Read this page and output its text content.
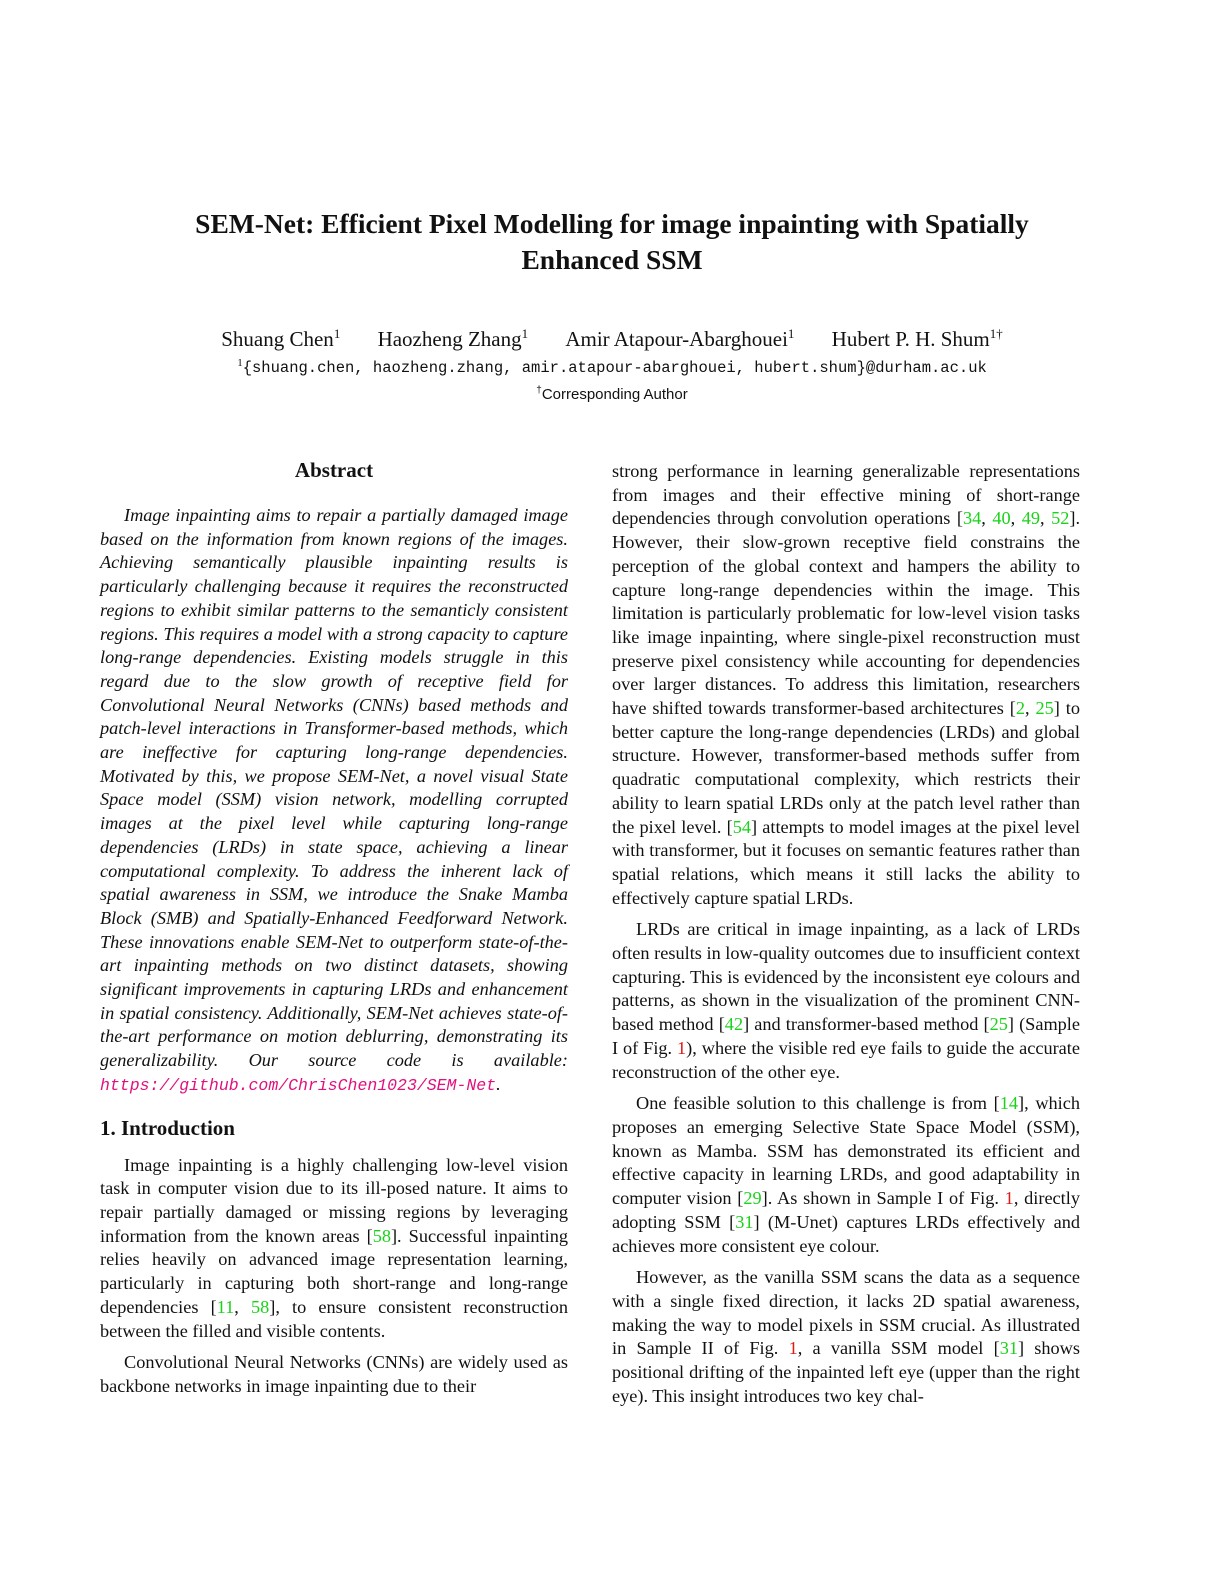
SEM-Net: Efficient Pixel Modelling for image inpainting with Spatially
Enhanced SSM
Shuang Chen$^1$ Haozheng Zhang$^1$ Amir Atapour-Abarghouei$^1$ Hubert P. H. Shum$^{1\dagger}$
$^1${shuang.chen, haozheng.zhang, amir.atapour-abarghouei, hubert.shum}@durham.ac.uk
†Corresponding Author
Abstract

Image inpainting aims to repair a partially damaged image based on the information from known regions of the images. Achieving semantically plausible inpainting results is particularly challenging because it requires the reconstructed regions to exhibit similar patterns to the semanticly consistent regions. This requires a model with a strong capacity to capture long-range dependencies. Existing models struggle in this regard due to the slow growth of receptive field for Convolutional Neural Networks (CNNs) based methods and patch-level interactions in Transformer-based methods, which are ineffective for capturing long-range dependencies. Motivated by this, we propose SEM-Net, a novel visual State Space model (SSM) vision network, modelling corrupted images at the pixel level while capturing long-range dependencies (LRDs) in state space, achieving a linear computational complexity. To address the inherent lack of spatial awareness in SSM, we introduce the Snake Mamba Block (SMB) and Spatially-Enhanced Feedforward Network. These innovations enable SEM-Net to outperform state-of-the-art inpainting methods on two distinct datasets, showing significant improvements in capturing LRDs and enhancement in spatial consistency. Additionally, SEM-Net achieves state-of-the-art performance on motion deblurring, demonstrating its generalizability. Our source code is available: https://github.com/ChrisChen1023/SEM-Net.

1. Introduction

Image inpainting is a highly challenging low-level vision task in computer vision due to its ill-posed nature. It aims to repair partially damaged or missing regions by leveraging information from the known areas [58]. Successful inpainting relies heavily on advanced image representation learning, particularly in capturing both short-range and long-range dependencies [11, 58], to ensure consistent reconstruction between the filled and visible contents.

Convolutional Neural Networks (CNNs) are widely used as backbone networks in image inpainting due to their

strong performance in learning generalizable representations from images and their effective mining of short-range dependencies through convolution operations [34, 40, 49, 52]. However, their slow-grown receptive field constrains the perception of the global context and hampers the ability to capture long-range dependencies within the image. This limitation is particularly problematic for low-level vision tasks like image inpainting, where single-pixel reconstruction must preserve pixel consistency while accounting for dependencies over larger distances. To address this limitation, researchers have shifted towards transformer-based architectures [2, 25] to better capture the long-range dependencies (LRDs) and global structure. However, transformer-based methods suffer from quadratic computational complexity, which restricts their ability to learn spatial LRDs only at the patch level rather than the pixel level. [54] attempts to model images at the pixel level with transformer, but it focuses on semantic features rather than spatial relations, which means it still lacks the ability to effectively capture spatial LRDs.

LRDs are critical in image inpainting, as a lack of LRDs often results in low-quality outcomes due to insufficient context capturing. This is evidenced by the inconsistent eye colours and patterns, as shown in the visualization of the prominent CNN-based method [42] and transformer-based method [25] (Sample I of Fig. 1), where the visible red eye fails to guide the accurate reconstruction of the other eye.

One feasible solution to this challenge is from [14], which proposes an emerging Selective State Space Model (SSM), known as Mamba. SSM has demonstrated its efficient and effective capacity in learning LRDs, and good adaptability in computer vision [29]. As shown in Sample I of Fig. 1, directly adopting SSM [31] (M-Unet) captures LRDs effectively and achieves more consistent eye colour.

However, as the vanilla SSM scans the data as a sequence with a single fixed direction, it lacks 2D spatial awareness, making the way to model pixels in SSM crucial. As illustrated in Sample II of Fig. 1, a vanilla SSM model [31] shows positional drifting of the inpainted left eye (upper than the right eye). This insight introduces two key chal-
